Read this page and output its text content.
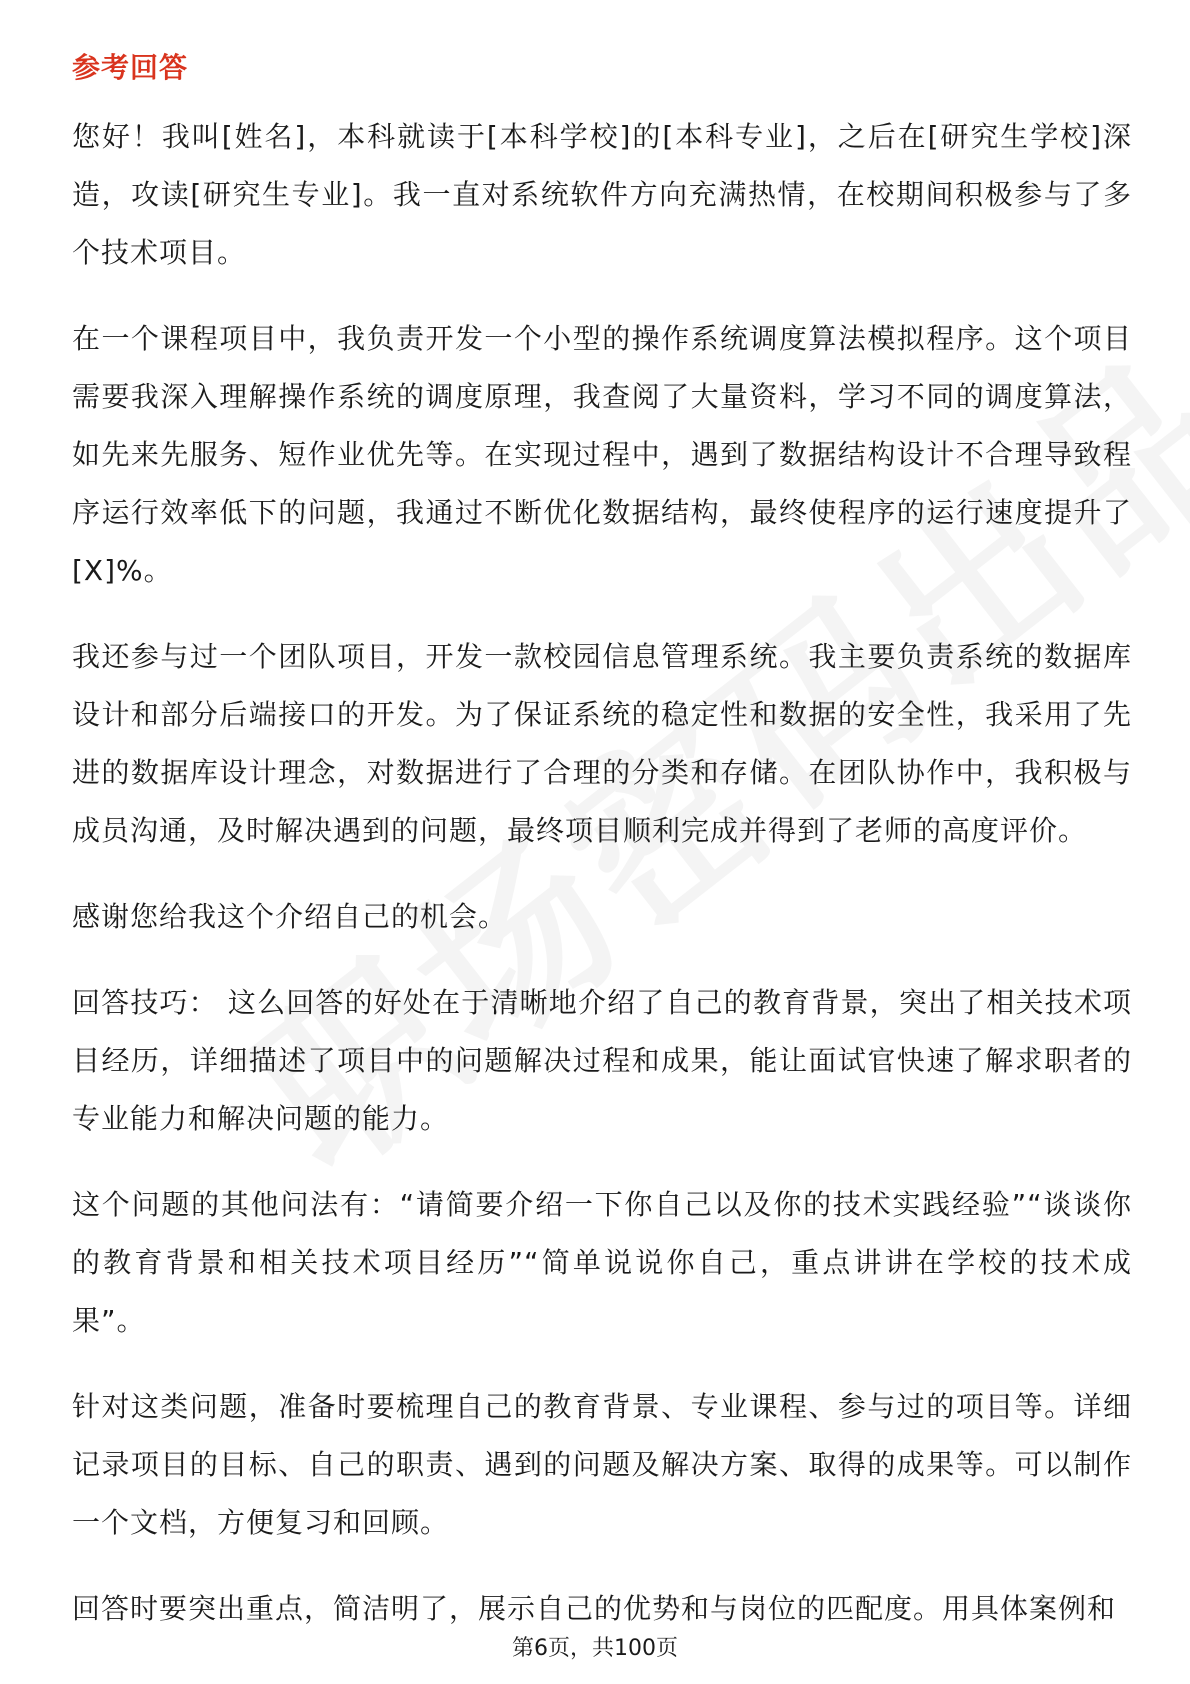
参考回答

您好！我叫[姓名]，本科就读于[本科学校]的[本科专业]，之后在[研究生学校]深造，攻读[研究生专业]。我一直对系统软件方向充满热情，在校期间积极参与了多个技术项目。

在一个课程项目中，我负责开发一个小型的操作系统调度算法模拟程序。这个项目需要我深入理解操作系统的调度原理，我查阅了大量资料，学习不同的调度算法，如先来先服务、短作业优先等。在实现过程中，遇到了数据结构设计不合理导致程序运行效率低下的问题，我通过不断优化数据结构，最终使程序的运行速度提升了[X]%。

我还参与过一个团队项目，开发一款校园信息管理系统。我主要负责系统的数据库设计和部分后端接口的开发。为了保证系统的稳定性和数据的安全性，我采用了先进的数据库设计理念，对数据进行了合理的分类和存储。在团队协作中，我积极与成员沟通，及时解决遇到的问题，最终项目顺利完成并得到了老师的高度评价。

感谢您给我这个介绍自己的机会。

回答技巧： 这么回答的好处在于清晰地介绍了自己的教育背景，突出了相关技术项目经历，详细描述了项目中的问题解决过程和成果，能让面试官快速了解求职者的专业能力和解决问题的能力。

这个问题的其他问法有：“请简要介绍一下你自己以及你的技术实践经验”“谈谈你的教育背景和相关技术项目经历”“简单说说你自己，重点讲讲在学校的技术成果”。

针对这类问题，准备时要梳理自己的教育背景、专业课程、参与过的项目等。详细记录项目的目标、自己的职责、遇到的问题及解决方案、取得的成果等。可以制作一个文档，方便复习和回顾。

回答时要突出重点，简洁明了，展示自己的优势和与岗位的匹配度。用具体案例和

第6页，共100页
